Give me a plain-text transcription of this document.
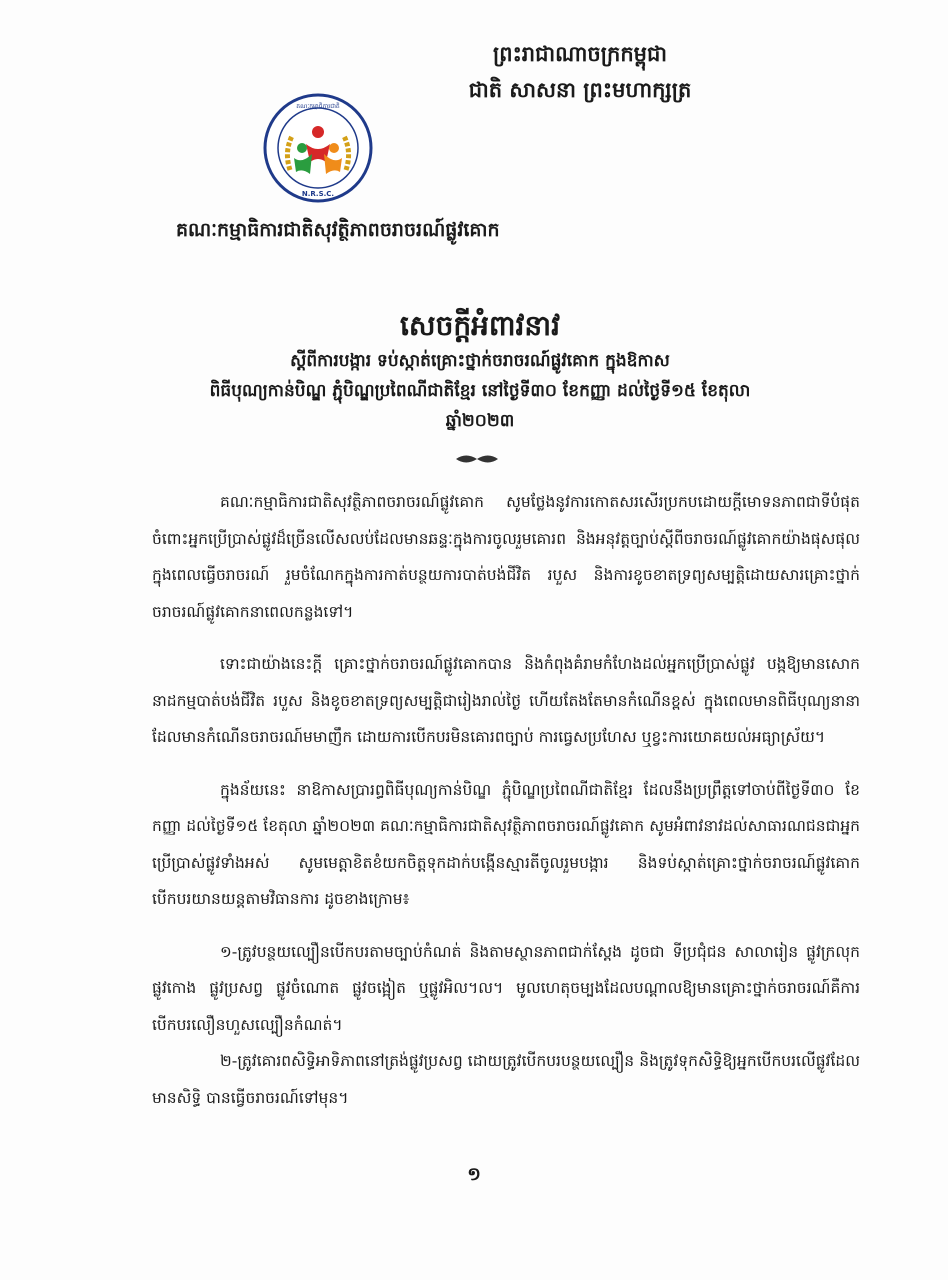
ព្រះរាជាណាចក្រកម្ពុជា
ជាតិ សាសនា ព្រះមហាក្សត្រ
គណៈកម្មាធិការជាតិ
N.R.S.C.
គណៈកម្មាធិការជាតិសុវត្ថិភាពចរាចរណ៍ផ្លូវគោក
សេចក្ដីអំពាវនាវ
ស្ដីពីការបង្ការ ទប់ស្កាត់គ្រោះថ្នាក់ចរាចរណ៍ផ្លូវគោក ក្នុងឱកាស
ពិធីបុណ្យកាន់បិណ្ឌ ភ្ជុំបិណ្ឌប្រពៃណីជាតិខ្មែរ នៅថ្ងៃទី៣០ ខែកញ្ញា ដល់ថ្ងៃទី១៥ ខែតុលា
ឆ្នាំ២០២៣

គណៈកម្មាធិការជាតិសុវត្ថិភាពចរាចរណ៍ផ្លូវគោក សូមថ្លែងនូវការកោតសរសើរប្រកបដោយក្ដីមោទនភាពជាទីបំផុត ចំពោះអ្នកប្រើប្រាស់ផ្លូវដ៏ច្រើនលើសលប់ដែលមានឆន្ទៈក្នុងការចូលរួមគោរព និងអនុវត្តច្បាប់ស្ដីពីចរាចរណ៍ផ្លូវគោកយ៉ាងផុសផុលក្នុងពេលធ្វើចរាចរណ៍ រួមចំណែកក្នុងការកាត់បន្ថយការបាត់បង់ជីវិត របួស និងការខូចខាតទ្រព្យសម្បត្តិដោយសារគ្រោះថ្នាក់ចរាចរណ៍ផ្លូវគោកនាពេលកន្លងទៅ។

ទោះជាយ៉ាងនេះក្ដី គ្រោះថ្នាក់ចរាចរណ៍ផ្លូវគោកបាន និងកំពុងគំរាមកំហែងដល់អ្នកប្រើប្រាស់ផ្លូវ បង្កឱ្យមានសោកនាដកម្មបាត់បង់ជីវិត របួស និងខូចខាតទ្រព្យសម្បត្តិជារៀងរាល់ថ្ងៃ ហើយតែងតែមានកំណើនខ្ពស់ ក្នុងពេលមានពិធីបុណ្យនានាដែលមានកំណើនចរាចរណ៍មមាញឹក ដោយការបើកបរមិនគោរពច្បាប់ ការធ្វេសប្រហែស ឬខ្វះការយោគយល់អធ្យាស្រ័យ។

ក្នុងន័យនេះ នាឱកាសប្រារព្ធពិធីបុណ្យកាន់បិណ្ឌ ភ្ជុំបិណ្ឌប្រពៃណីជាតិខ្មែរ ដែលនឹងប្រព្រឹត្តទៅចាប់ពីថ្ងៃទី៣០ ខែកញ្ញា ដល់ថ្ងៃទី១៥ ខែតុលា ឆ្នាំ២០២៣ គណៈកម្មាធិការជាតិសុវត្ថិភាពចរាចរណ៍ផ្លូវគោក សូមអំពាវនាវដល់សាធារណជនជាអ្នកប្រើប្រាស់ផ្លូវទាំងអស់ សូមមេត្តាខិតខំយកចិត្តទុកដាក់បង្កើនស្មារតីចូលរួមបង្ការ និងទប់ស្កាត់គ្រោះថ្នាក់ចរាចរណ៍ផ្លូវគោក បើកបរយានយន្តតាមវិធានការ ដូចខាងក្រោម៖

១-ត្រូវបន្ថយល្បឿនបើកបរតាមច្បាប់កំណត់ និងតាមស្ថានភាពជាក់ស្ដែង ដូចជា ទីប្រជុំជន សាលារៀន ផ្លូវក្រលុក ផ្លូវកោង ផ្លូវប្រសព្វ ផ្លូវចំណោត ផ្លូវចង្អៀត ឬផ្លូវអិល។ល។ មូលហេតុចម្បងដែលបណ្ដាលឱ្យមានគ្រោះថ្នាក់ចរាចរណ៍គឺការបើកបរលឿនហួសល្បឿនកំណត់។

២-ត្រូវគោរពសិទ្ធិអាទិភាពនៅត្រង់ផ្លូវប្រសព្វ ដោយត្រូវបើកបរបន្ថយល្បឿន និងត្រូវទុកសិទ្ធិឱ្យអ្នកបើកបរលើផ្លូវដែលមានសិទ្ធិ បានធ្វើចរាចរណ៍ទៅមុន។

១
